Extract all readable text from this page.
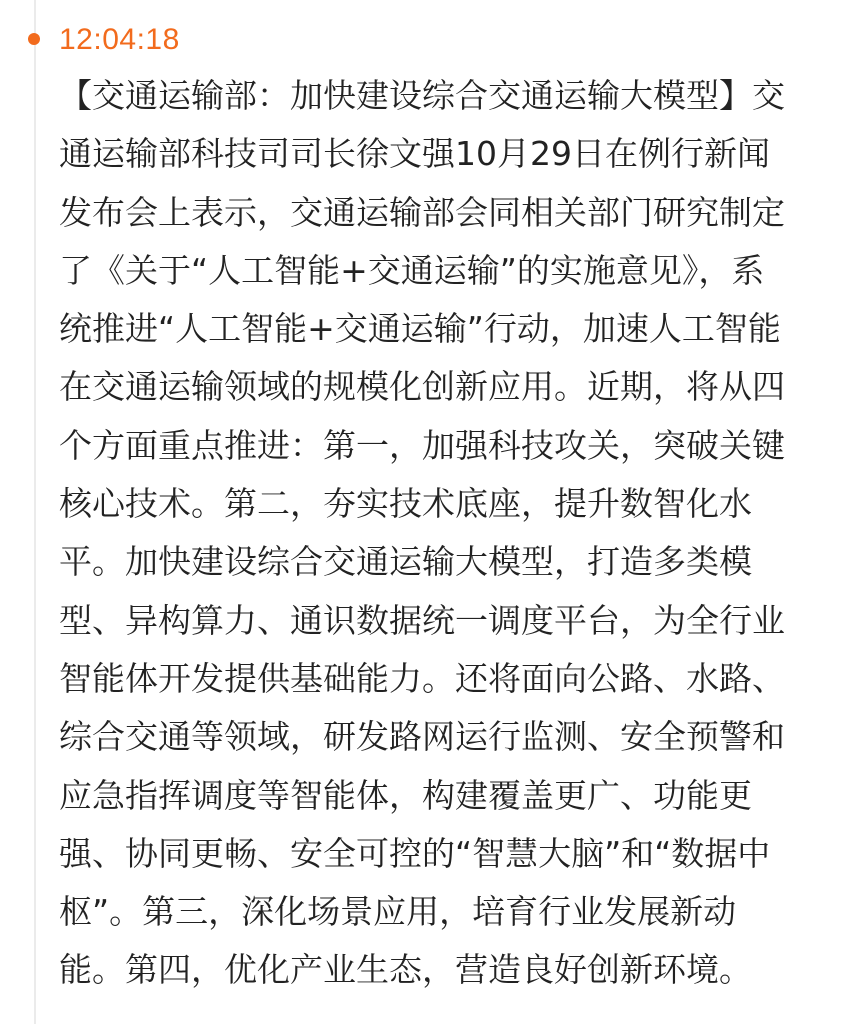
12:04:18

【交通运输部：加快建设综合交通运输大模型】交
通运输部科技司司长徐文强10月29日在例行新闻
发布会上表示，交通运输部会同相关部门研究制定
了《关于“人工智能+交通运输”的实施意见》，系
统推进“人工智能+交通运输”行动，加速人工智能
在交通运输领域的规模化创新应用。近期，将从四
个方面重点推进：第一，加强科技攻关，突破关键
核心技术。第二，夯实技术底座，提升数智化水
平。加快建设综合交通运输大模型，打造多类模
型、异构算力、通识数据统一调度平台，为全行业
智能体开发提供基础能力。还将面向公路、水路、
综合交通等领域，研发路网运行监测、安全预警和
应急指挥调度等智能体，构建覆盖更广、功能更
强、协同更畅、安全可控的“智慧大脑”和“数据中
枢”。第三，深化场景应用，培育行业发展新动
能。第四，优化产业生态，营造良好创新环境。
